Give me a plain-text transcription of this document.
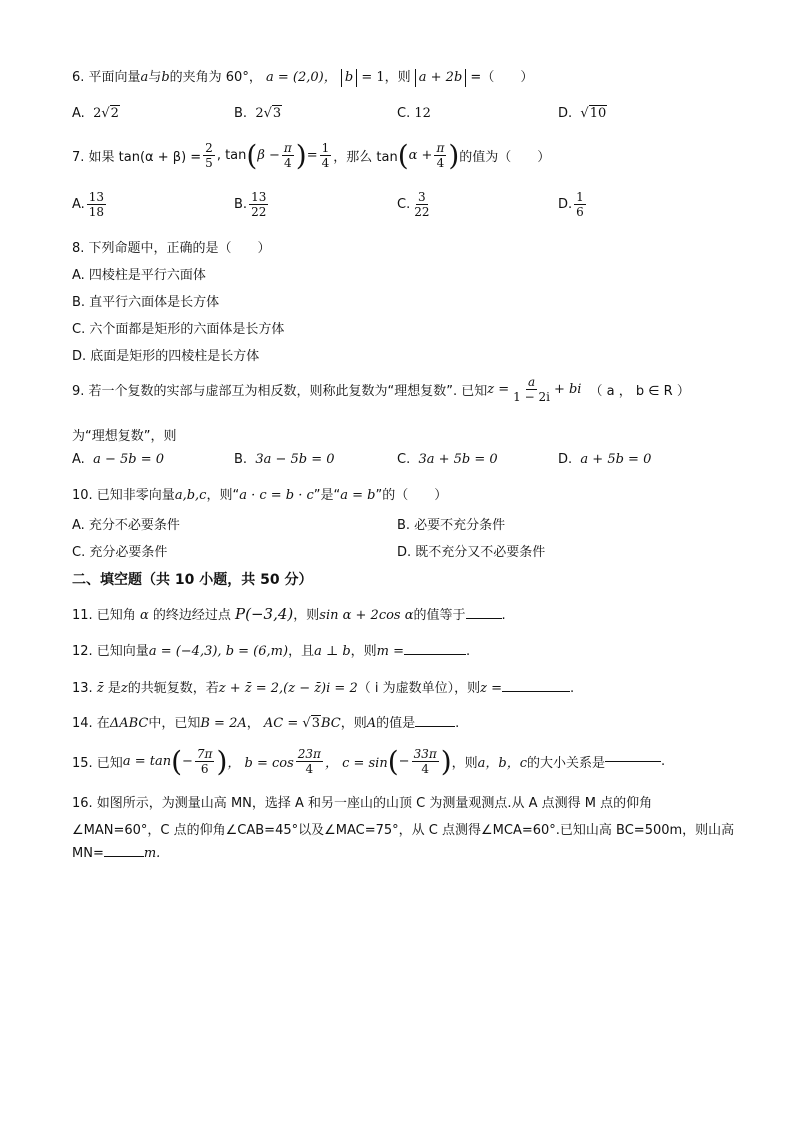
6. 平面向量a与b的夹角为 60°， a = (2,0)， b = 1，则 a + 2b =（　　）
A. 2√2	B. 2√3	C. 12	D. √10
7. 如果 $\tan(\alpha + \beta) = \frac{2}{5}$ , tan ( $\beta - \frac{\pi}{4}$ ) = $\frac{1}{4}$ ，那么 tan ( $\alpha + \frac{\pi}{4}$ ) 的值为（　　）
A. $\frac{13}{18}$	B. $\frac{13}{22}$	C. $\frac{3}{22}$	D. $\frac{1}{6}$
8. 下列命题中，正确的是（　　）
A. 四棱柱是平行六面体
B. 直平行六面体是长方体
C. 六个面都是矩形的六面体是长方体
D. 底面是矩形的四棱柱是长方体
9. 若一个复数的实部与虚部互为相反数，则称此复数为“理想复数”. 已知 $z = \frac{a}{1 - 2i}$ + bi （ a ， b ∈ R ）
为“理想复数”，则
A. a − 5b = 0	B. 3a − 5b = 0	C. 3a + 5b = 0	D. a + 5b = 0
10. 已知非零向量a,b,c，则“a · c = b · c”是“a = b”的（　　）
A. 充分不必要条件	B. 必要不充分条件
C. 充分必要条件	D. 既不充分又不必要条件
二、填空题（共 10 小题，共 50 分）
11. 已知角 α 的终边经过点 P(−3,4)，则sin α + 2cos α的值等于	.
12. 已知向量a = (−4,3), b = (6,m)，且a ⊥ b，则m =	.
13. z̄ 是z的共轭复数，若z + z̄ = 2,(z − z̄)i = 2（ i 为虚数单位），则z =	.
14. 在ΔABC中，已知B = 2A， AC = √3BC，则A的值是	.
15. 已知 a = tan ( − $\frac{7\pi}{6}$ ) ， $b = \cos \frac{23\pi}{4}$ ， c = sin ( − $\frac{33\pi}{4}$ ) ，则 a，b，c 的大小关系是	.
16. 如图所示，为测量山高 MN，选择 A 和另一座山的山顶 C 为测量观测点.从 A 点测得 M 点的仰角
∠MAN=60°，C 点的仰角∠CAB=45°以及∠MAC=75°，从 C 点测得∠MCA=60°.已知山高 BC=500m，则山高
MN=	m.
